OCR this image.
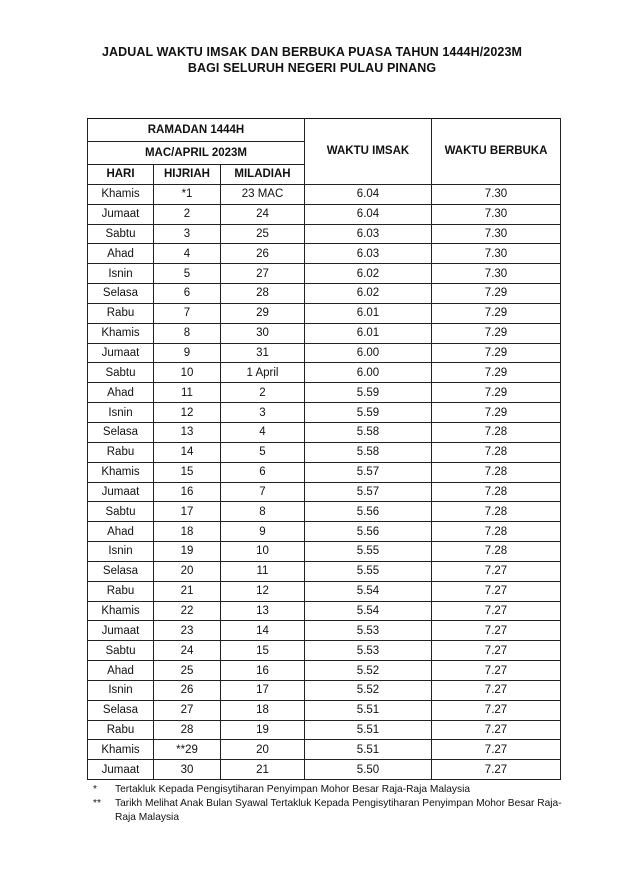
JADUAL WAKTU IMSAK DAN BERBUKA PUASA TAHUN 1444H/2023M
BAGI SELURUH NEGERI PULAU PINANG
RAMADAN 1444H			WAKTU IMSAK	WAKTU BERBUKA
MAC/APRIL 2023M				
HARI	HIJRIAH	MILADIAH		
Khamis	*1	23 MAC	6.04	7.30
Jumaat	2	24	6.04	7.30
Sabtu	3	25	6.03	7.30
Ahad	4	26	6.03	7.30
Isnin	5	27	6.02	7.30
Selasa	6	28	6.02	7.29
Rabu	7	29	6.01	7.29
Khamis	8	30	6.01	7.29
Jumaat	9	31	6.00	7.29
Sabtu	10	1 April	6.00	7.29
Ahad	11	2	5.59	7.29
Isnin	12	3	5.59	7.29
Selasa	13	4	5.58	7.28
Rabu	14	5	5.58	7.28
Khamis	15	6	5.57	7.28
Jumaat	16	7	5.57	7.28
Sabtu	17	8	5.56	7.28
Ahad	18	9	5.56	7.28
Isnin	19	10	5.55	7.28
Selasa	20	11	5.55	7.27
Rabu	21	12	5.54	7.27
Khamis	22	13	5.54	7.27
Jumaat	23	14	5.53	7.27
Sabtu	24	15	5.53	7.27
Ahad	25	16	5.52	7.27
Isnin	26	17	5.52	7.27
Selasa	27	18	5.51	7.27
Rabu	28	19	5.51	7.27
Khamis	**29	20	5.51	7.27
Jumaat	30	21	5.50	7.27
*	Tertakluk Kepada Pengisytiharan Penyimpan Mohor Besar Raja-Raja Malaysia
**	Tarikh Melihat Anak Bulan Syawal Tertakluk Kepada Pengisytiharan Penyimpan Mohor Besar Raja-Raja Malaysia
